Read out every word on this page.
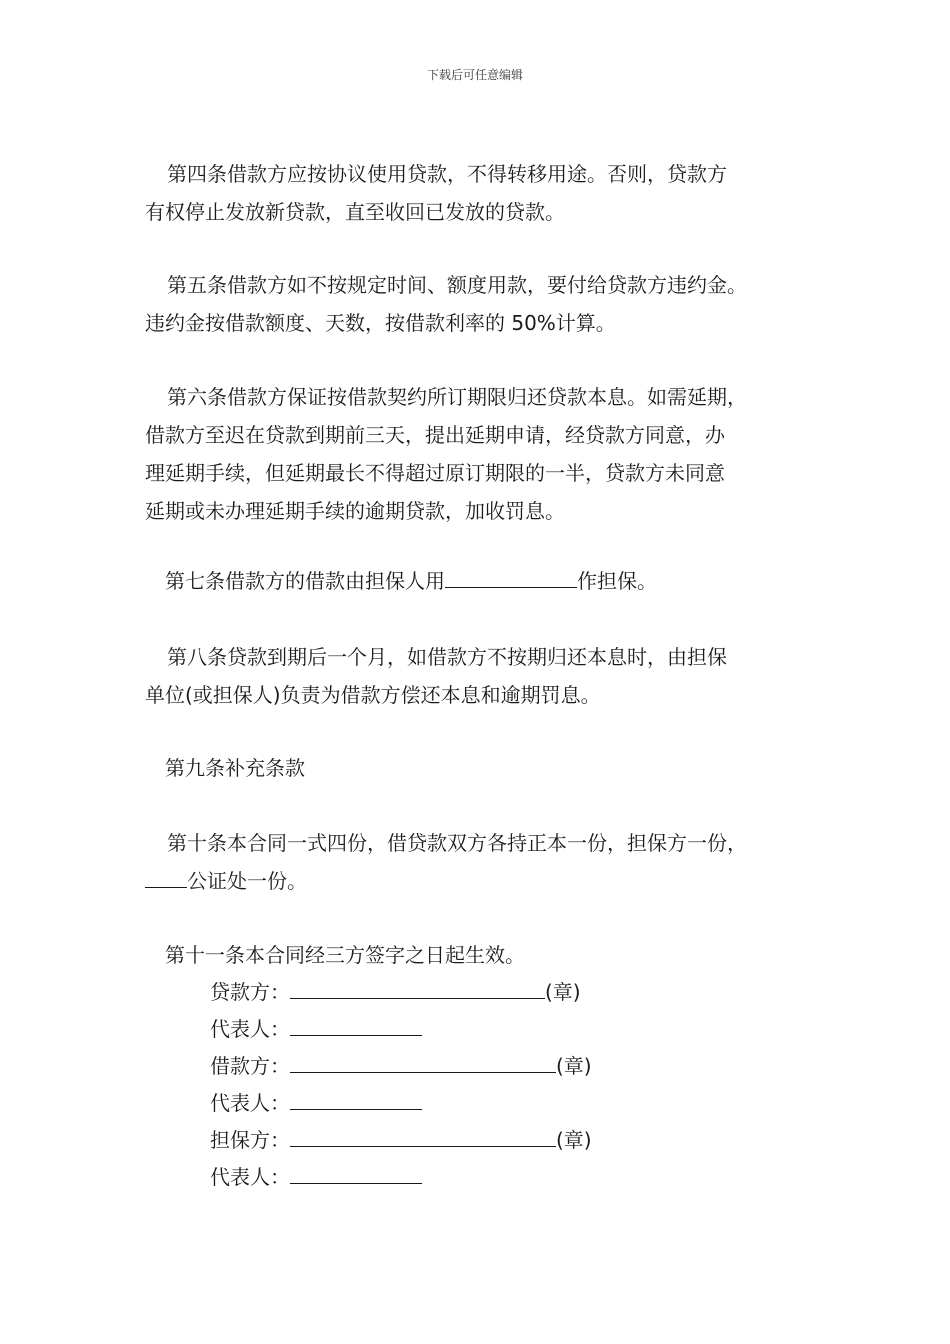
下载后可任意编辑

第四条借款方应按协议使用贷款，不得转移用途。否则，贷款方
有权停止发放新贷款，直至收回已发放的贷款。

第五条借款方如不按规定时间、额度用款，要付给贷款方违约金。
违约金按借款额度、天数，按借款利率的 50%计算。

第六条借款方保证按借款契约所订期限归还贷款本息。如需延期，
借款方至迟在贷款到期前三天，提出延期申请，经贷款方同意，办
理延期手续，但延期最长不得超过原订期限的一半，贷款方未同意
延期或未办理延期手续的逾期贷款，加收罚息。

第七条借款方的借款由担保人用	作担保。

第八条贷款到期后一个月，如借款方不按期归还本息时，由担保
单位(或担保人)负责为借款方偿还本息和逾期罚息。

第九条补充条款

第十条本合同一式四份，借贷款双方各持正本一份，担保方一份，
公证处一份。

第十一条本合同经三方签字之日起生效。

贷款方：	(章)
代表人：
借款方：	(章)
代表人：
担保方：	(章)
代表人：
